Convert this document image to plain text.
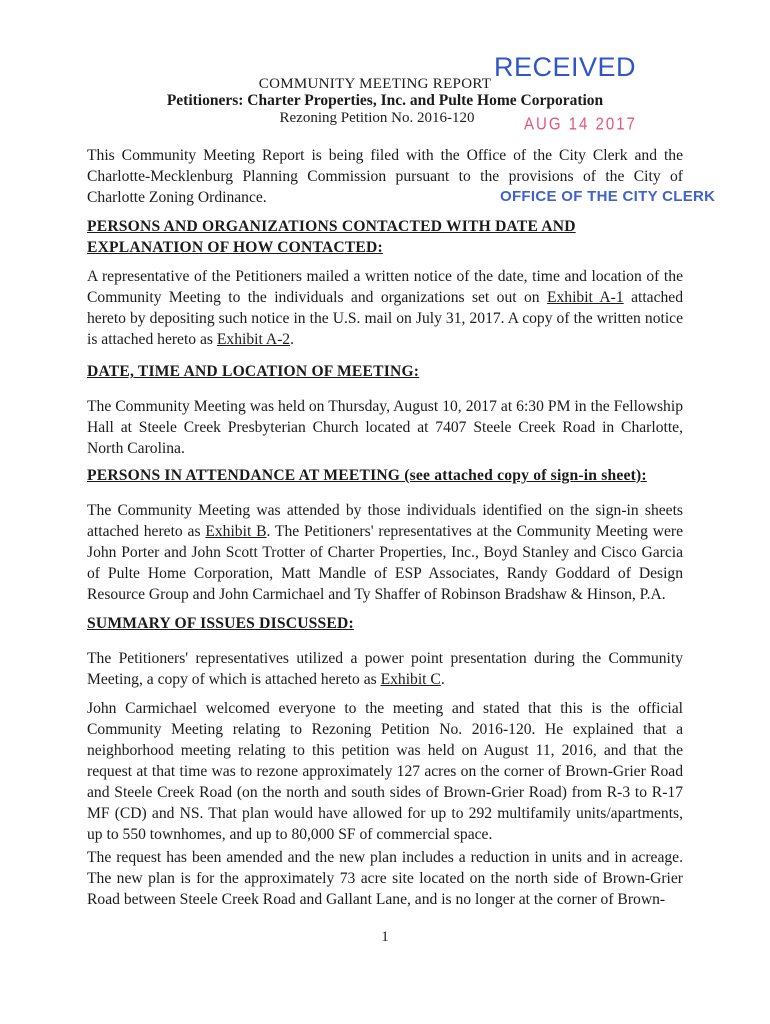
RECEIVED
AUG 14 2017
COMMUNITY MEETING REPORT
Petitioners: Charter Properties, Inc. and Pulte Home Corporation
Rezoning Petition No. 2016-120
This Community Meeting Report is being filed with the Office of the City Clerk and the Charlotte-Mecklenburg Planning Commission pursuant to the provisions of the City of Charlotte Zoning Ordinance.	OFFICE OF THE CITY CLERK
PERSONS AND ORGANIZATIONS CONTACTED WITH DATE AND EXPLANATION OF HOW CONTACTED:
A representative of the Petitioners mailed a written notice of the date, time and location of the Community Meeting to the individuals and organizations set out on Exhibit A-1 attached hereto by depositing such notice in the U.S. mail on July 31, 2017. A copy of the written notice is attached hereto as Exhibit A-2.
DATE, TIME AND LOCATION OF MEETING:
The Community Meeting was held on Thursday, August 10, 2017 at 6:30 PM in the Fellowship Hall at Steele Creek Presbyterian Church located at 7407 Steele Creek Road in Charlotte, North Carolina.
PERSONS IN ATTENDANCE AT MEETING (see attached copy of sign-in sheet):
The Community Meeting was attended by those individuals identified on the sign-in sheets attached hereto as Exhibit B. The Petitioners' representatives at the Community Meeting were John Porter and John Scott Trotter of Charter Properties, Inc., Boyd Stanley and Cisco Garcia of Pulte Home Corporation, Matt Mandle of ESP Associates, Randy Goddard of Design Resource Group and John Carmichael and Ty Shaffer of Robinson Bradshaw & Hinson, P.A.
SUMMARY OF ISSUES DISCUSSED:
The Petitioners' representatives utilized a power point presentation during the Community Meeting, a copy of which is attached hereto as Exhibit C.
John Carmichael welcomed everyone to the meeting and stated that this is the official Community Meeting relating to Rezoning Petition No. 2016-120. He explained that a neighborhood meeting relating to this petition was held on August 11, 2016, and that the request at that time was to rezone approximately 127 acres on the corner of Brown-Grier Road and Steele Creek Road (on the north and south sides of Brown-Grier Road) from R-3 to R-17 MF (CD) and NS. That plan would have allowed for up to 292 multifamily units/apartments, up to 550 townhomes, and up to 80,000 SF of commercial space.
The request has been amended and the new plan includes a reduction in units and in acreage. The new plan is for the approximately 73 acre site located on the north side of Brown-Grier Road between Steele Creek Road and Gallant Lane, and is no longer at the corner of Brown-
1
